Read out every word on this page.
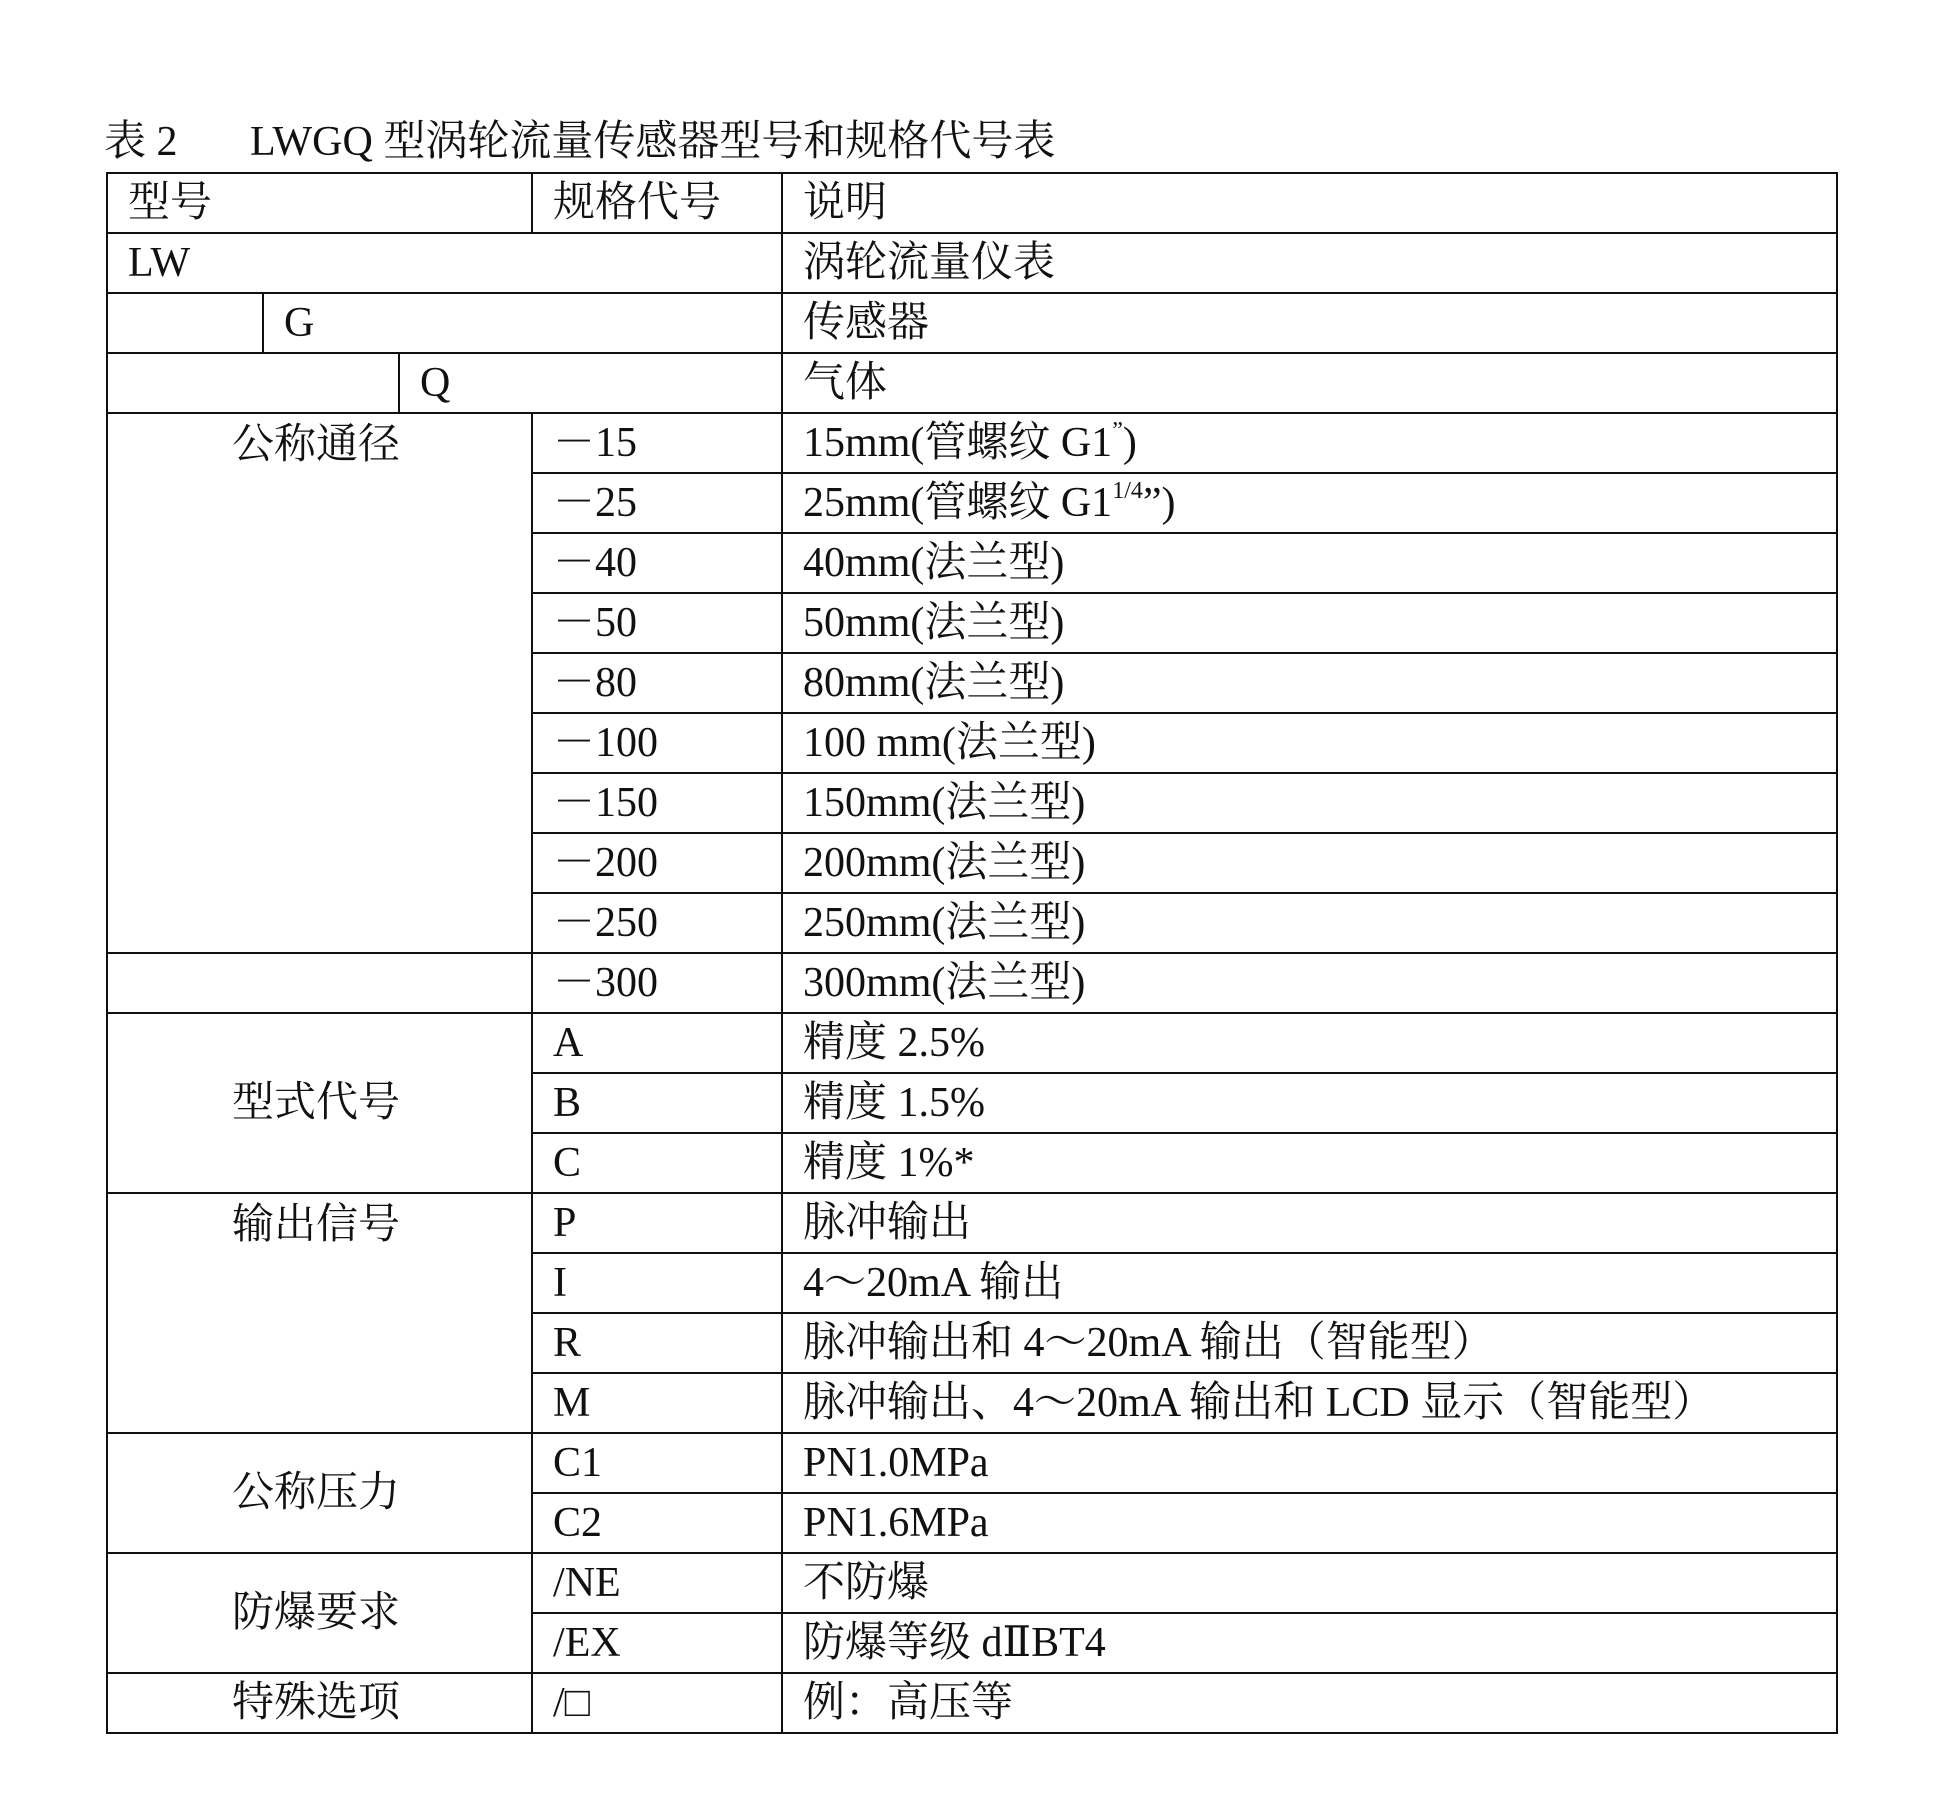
表 2 LWGQ 型涡轮流量传感器型号和规格代号表
型号			规格代号	说明
LW				涡轮流量仪表
	G			传感器
		Q		气体
公称通径			－15	15mm(管螺纹 G1”)
			－25	25mm(管螺纹 $G1^{1/4}$”)
			－40	40mm(法兰型)
			－50	50mm(法兰型)
			－80	80mm(法兰型)
			－100	100 mm(法兰型)
			－150	150mm(法兰型)
			－200	200mm(法兰型)
			－250	250mm(法兰型)
			－300	300mm(法兰型)
型式代号			A	精度 2.5%
			B	精度 1.5%
			C	精度 1%*
输出信号			P	脉冲输出
			I	4～20mA 输出
			R	脉冲输出和 4～20mA 输出（智能型）
			M	脉冲输出、4～20mA 输出和 LCD 显示（智能型）
公称压力			C1	PN1.0MPa
			C2	PN1.6MPa
防爆要求			/NE	不防爆
			/EX	防爆等级 dⅡBT4
特殊选项			/□	例：高压等
